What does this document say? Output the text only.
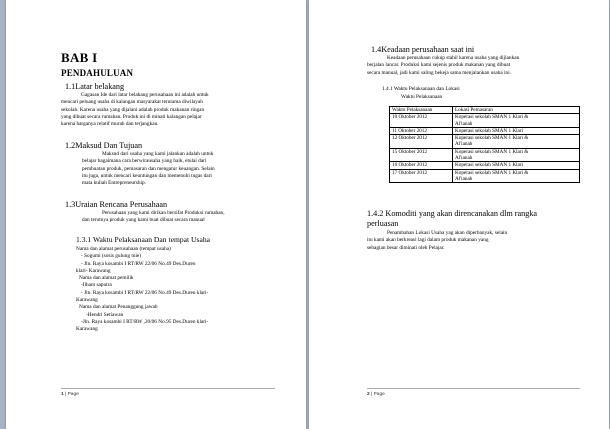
BAB I
PENDAHULUAN
1.1Latar belakang

Gagasan Ide dari latar belakang perusahaan ini adalah untuk

mencari peluang usaha di kalangan masyarakat terutama diwilayah

sekolah. Karena usaha yang dijalani adalah produk makanan ringan

yang dibuat secara rumahan. Produk ini di minati kalangan pelajar

karena harganya relatif murah dan terjangkau.

1.2Maksud Dan Tujuan

Maksud dari usaha yang kami jalankan adalah untuk

belajar bagaimana cara berwirausaha yang baik, etulai dari

pembuatan produk, pemasaran dan mengatur keuangan. Selain

itu juga, untuk mencari keuntungan dan memenuhi tugas dari

mata kuliah Entrepreneurship.

1.3Uraian Rencana Perusahaan

Perusahaan yang kami dirikan bersifat Produksi rumahan,

dan terutnya produk yang kami buat dibuat secara manual

1.3.1 Waktu Pelaksanaan Dan tempat Usaha
Nama dan alamat perusahaan (tempat usaha)
- Sogumi (sosis gulung mie)
- Jln. Raya kosambi I RT/RW 22/06 No.49 Des.Duren
klari- Karawang
Nama dan alamat pemilik
-Ilham saputra
- Jln. Raya kosambi I RT/RW 22/06 No.49 Des.Duren klari-
Karawang
Nama dan alamat Penanggung jawab
-Hendri Setiawan
-Jln. Raya kosambi I RT/RW ,20/06 No.95 Des.Duren klari-
Karawang
1 | Page
1.4Keadaan perusahaan saat ini

Keadaan perusahaan cukup stabil karena usaha yang dijlankan

berjalan lancar. Produksi kami sejenis produk makanan yang dibuat

secara manual, jadi kami saling bekeja sama menjalankan usaha ini.

1.4.1 Waktu Pelaksanaan dan Lokasi
Waktu Pelaksanaan
Waktu Pelaksanaan	Lokasi Pemasaran
10 Oktober 2012	Koperasi sekolah SMAN 1 Klari &
Al'ianah

11 Oktober 2012	Koperasi sekolah SMAN 1 Klari
12 Oktober 2012	Koperasi sekolah SMAN 1 Klari &
Al'ianah

15 Oktober 2012	Koperasi sekolah SMAN 1 Klari &
Al'ianah

16 Oktober 2012	Koperasi sekolah SMAN 1 Klari
17 Oktober 2012	Koperasi sekolah SMAN 1 Klari &
Al'ianah
1.4.2 Komoditi yang akan direncanakan dlm rangka
perluasan

Penambahan Lokasi Usaha yag akan diperbanyak, selain

itu kami akan berkreasi lagi dalam produk makanan yang

sebagian besar diminati oleh Pelajar.

2 | Page
